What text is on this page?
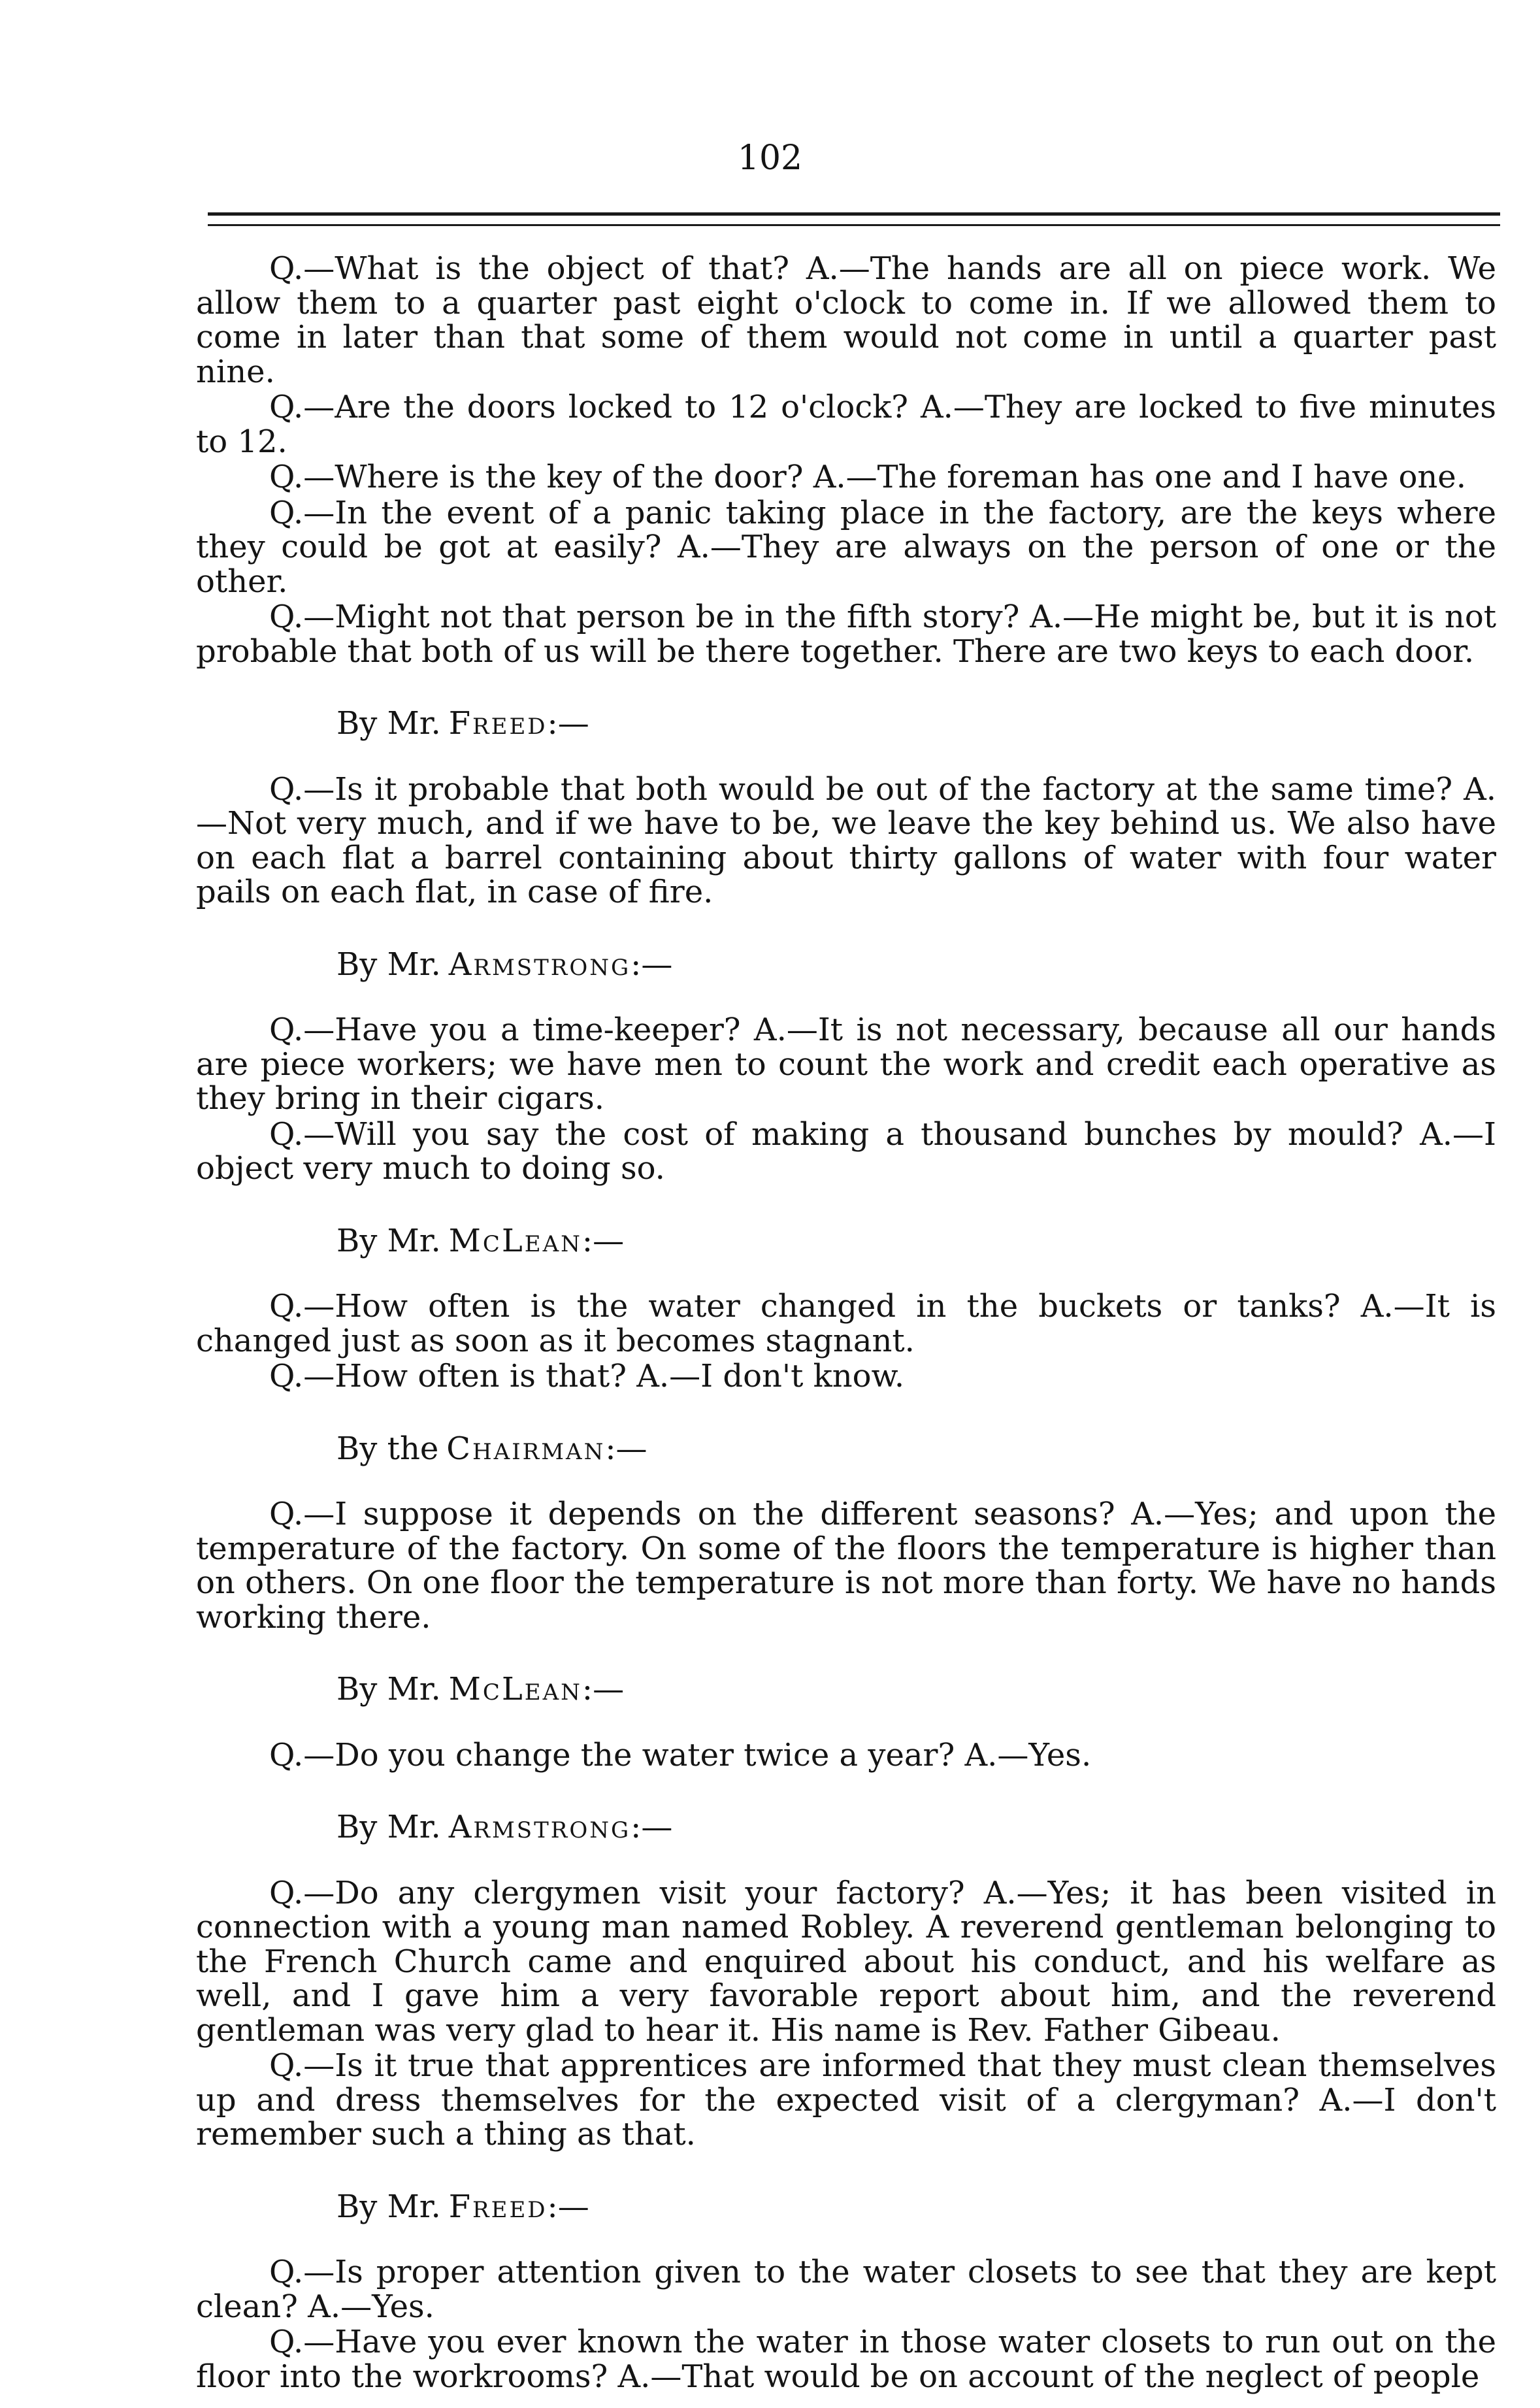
102

Q.—What is the object of that? A.—The hands are all on piece work. We allow them to a quarter past eight o'clock to come in. If we allowed them to come in later than that some of them would not come in until a quarter past nine.

Q.—Are the doors locked to 12 o'clock? A.—They are locked to five minutes to 12.

Q.—Where is the key of the door? A.—The foreman has one and I have one.

Q.—In the event of a panic taking place in the factory, are the keys where they could be got at easily? A.—They are always on the person of one or the other.

Q.—Might not that person be in the fifth story? A.—He might be, but it is not probable that both of us will be there together. There are two keys to each door.

By Mr. Freed:—

Q.—Is it probable that both would be out of the factory at the same time? A.—Not very much, and if we have to be, we leave the key behind us. We also have on each flat a barrel containing about thirty gallons of water with four water pails on each flat, in case of fire.

By Mr. Armstrong:—

Q.—Have you a time-keeper? A.—It is not necessary, because all our hands are piece workers; we have men to count the work and credit each operative as they bring in their cigars.

Q.—Will you say the cost of making a thousand bunches by mould? A.—I object very much to doing so.

By Mr. McLean:—

Q.—How often is the water changed in the buckets or tanks? A.—It is changed just as soon as it becomes stagnant.

Q.—How often is that? A.—I don't know.

By the Chairman:—

Q.—I suppose it depends on the different seasons? A.—Yes; and upon the temperature of the factory. On some of the floors the temperature is higher than on others. On one floor the temperature is not more than forty. We have no hands working there.

By Mr. McLean:—

Q.—Do you change the water twice a year? A.—Yes.

By Mr. Armstrong:—

Q.—Do any clergymen visit your factory? A.—Yes; it has been visited in connection with a young man named Robley. A reverend gentleman belonging to the French Church came and enquired about his conduct, and his welfare as well, and I gave him a very favorable report about him, and the reverend gentleman was very glad to hear it. His name is Rev. Father Gibeau.

Q.—Is it true that apprentices are informed that they must clean themselves up and dress themselves for the expected visit of a clergyman? A.—I don't remember such a thing as that.

By Mr. Freed:—

Q.—Is proper attention given to the water closets to see that they are kept clean? A.—Yes.

Q.—Have you ever known the water in those water closets to run out on the floor into the workrooms? A.—That would be on account of the neglect of people
